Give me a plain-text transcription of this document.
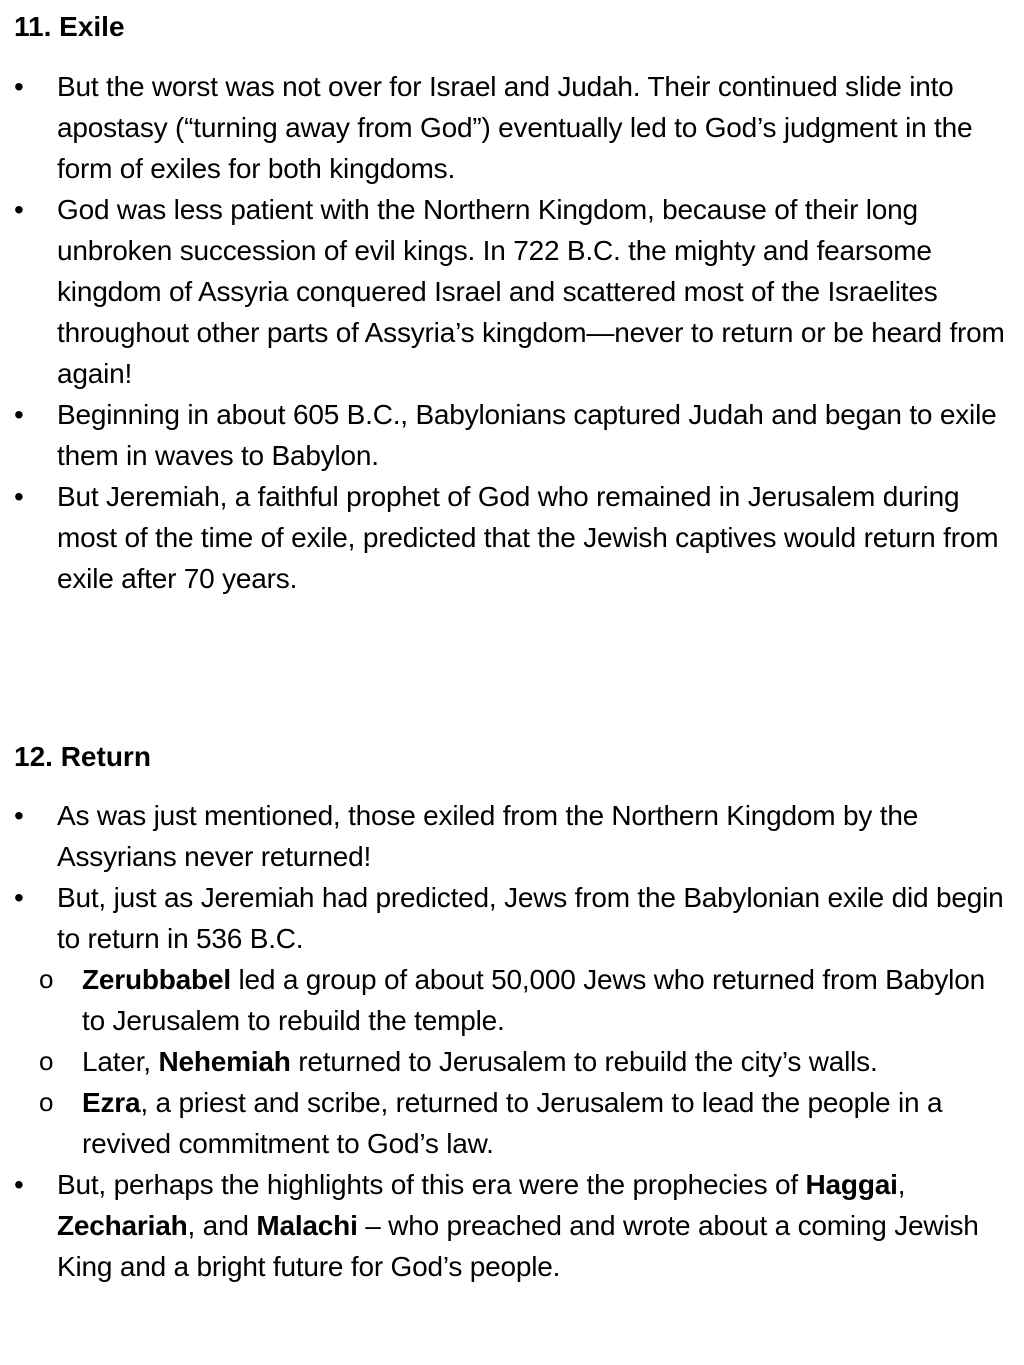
11. Exile
•	But the worst was not over for Israel and Judah. Their continued slide into apostasy (“turning away from God”) eventually led to God’s judgment in the form of exiles for both kingdoms.
•	God was less patient with the Northern Kingdom, because of their long unbroken succession of evil kings. In 722 B.C. the mighty and fearsome kingdom of Assyria conquered Israel and scattered most of the Israelites throughout other parts of Assyria’s kingdom—never to return or be heard from again!
•	Beginning in about 605 B.C., Babylonians captured Judah and began to exile them in waves to Babylon.
•	But Jeremiah, a faithful prophet of God who remained in Jerusalem during most of the time of exile, predicted that the Jewish captives would return from exile after 70 years.
12. Return
•	As was just mentioned, those exiled from the Northern Kingdom by the Assyrians never returned!
•	But, just as Jeremiah had predicted, Jews from the Babylonian exile did begin to return in 536 B.C.
o	Zerubbabel led a group of about 50,000 Jews who returned from Babylon to Jerusalem to rebuild the temple.
o	Later, Nehemiah returned to Jerusalem to rebuild the city’s walls.
o	Ezra, a priest and scribe, returned to Jerusalem to lead the people in a revived commitment to God’s law.
•	But, perhaps the highlights of this era were the prophecies of Haggai, Zechariah, and Malachi – who preached and wrote about a coming Jewish King and a bright future for God’s people.
